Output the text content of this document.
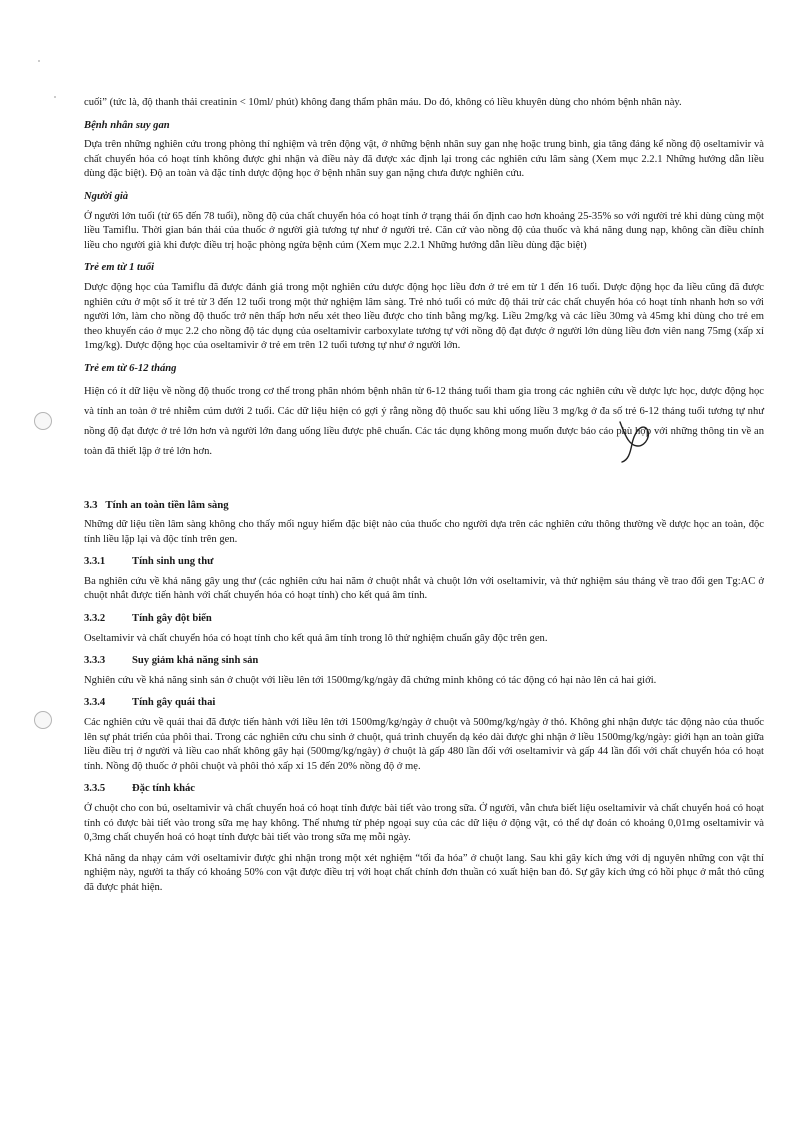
cuối” (tức là, độ thanh thải creatinin < 10ml/ phút) không đang thẩm phân máu. Do đó, không có liều khuyên dùng cho nhóm bệnh nhân này.

Bệnh nhân suy gan

Dựa trên những nghiên cứu trong phòng thí nghiệm và trên động vật, ở những bệnh nhân suy gan nhẹ hoặc trung bình, gia tăng đáng kể nồng độ oseltamivir và chất chuyển hóa có hoạt tính không được ghi nhận và điều này đã được xác định lại trong các nghiên cứu lâm sàng (Xem mục 2.2.1 Những hướng dẫn liều dùng đặc biệt). Độ an toàn và đặc tính dược động học ở bệnh nhân suy gan nặng chưa được nghiên cứu.

Người già

Ở người lớn tuổi (từ 65 đến 78 tuổi), nồng độ của chất chuyển hóa có hoạt tính ở trạng thái ổn định cao hơn khoảng 25-35% so với người trẻ khi dùng cùng một liều Tamiflu. Thời gian bán thải của thuốc ở người già tương tự như ở người trẻ. Căn cứ vào nồng độ của thuốc và khả năng dung nạp, không cần điều chỉnh liều cho người già khi được điều trị hoặc phòng ngừa bệnh cúm (Xem mục 2.2.1 Những hướng dẫn liều dùng đặc biệt)

Trẻ em từ 1 tuổi

Dược động học của Tamiflu đã được đánh giá trong một nghiên cứu dược động học liều đơn ở trẻ em từ 1 đến 16 tuổi. Dược động học đa liều cũng đã được nghiên cứu ở một số ít trẻ từ 3 đến 12 tuổi trong một thử nghiệm lâm sàng. Trẻ nhỏ tuổi có mức độ thải trừ các chất chuyển hóa có hoạt tính nhanh hơn so với người lớn, làm cho nồng độ thuốc trở nên thấp hơn nếu xét theo liều được cho tính bằng mg/kg. Liều 2mg/kg và các liều 30mg và 45mg khi dùng cho trẻ em theo khuyến cáo ở mục 2.2 cho nồng độ tác dụng của oseltamivir carboxylate tương tự với nồng độ đạt được ở người lớn dùng liều đơn viên nang 75mg (xấp xỉ 1mg/kg). Dược động học của oseltamivir ở trẻ em trên 12 tuổi tương tự như ở người lớn.

Trẻ em từ 6-12 tháng

Hiện có ít dữ liệu về nồng độ thuốc trong cơ thể trong phân nhóm bệnh nhân từ 6-12 tháng tuổi tham gia trong các nghiên cứu về dược lực học, dược động học và tính an toàn ở trẻ nhiễm cúm dưới 2 tuổi. Các dữ liệu hiện có gợi ý rằng nồng độ thuốc sau khi uống liều 3 mg/kg ở đa số trẻ 6-12 tháng tuổi tương tự như nồng độ đạt được ở trẻ lớn hơn và người lớn đang uống liều được phê chuẩn. Các tác dụng không mong muốn được báo cáo phù hợp với những thông tin về an toàn đã thiết lập ở trẻ lớn hơn.

3.3 Tính an toàn tiền lâm sàng

Những dữ liệu tiền lâm sàng không cho thấy mối nguy hiểm đặc biệt nào của thuốc cho người dựa trên các nghiên cứu thông thường về dược học an toàn, độc tính liều lặp lại và độc tính trên gen.

3.3.1	Tính sinh ung thư

Ba nghiên cứu về khả năng gây ung thư (các nghiên cứu hai năm ở chuột nhắt và chuột lớn với oseltamivir, và thử nghiệm sáu tháng về trao đổi gen Tg:AC ở chuột nhắt được tiến hành với chất chuyển hóa có hoạt tính) cho kết quả âm tính.

3.3.2	Tính gây đột biến

Oseltamivir và chất chuyển hóa có hoạt tính cho kết quả âm tính trong lô thử nghiệm chuẩn gây độc trên gen.

3.3.3	Suy giảm khả năng sinh sản

Nghiên cứu về khả năng sinh sản ở chuột với liều lên tới 1500mg/kg/ngày đã chứng minh không có tác động có hại nào lên cả hai giới.

3.3.4	Tính gây quái thai

Các nghiên cứu về quái thai đã được tiến hành với liều lên tới 1500mg/kg/ngày ở chuột và 500mg/kg/ngày ở thỏ. Không ghi nhận được tác động nào của thuốc lên sự phát triển của phôi thai. Trong các nghiên cứu chu sinh ở chuột, quá trình chuyển dạ kéo dài được ghi nhận ở liều 1500mg/kg/ngày: giới hạn an toàn giữa liều điều trị ở người và liều cao nhất không gây hại (500mg/kg/ngày) ở chuột là gấp 480 lần đối với oseltamivir và gấp 44 lần đối với chất chuyển hóa có hoạt tính. Nồng độ thuốc ở phôi chuột và phôi thỏ xấp xỉ 15 đến 20% nồng độ ở mẹ.

3.3.5	Đặc tính khác

Ở chuột cho con bú, oseltamivir và chất chuyển hoá có hoạt tính được bài tiết vào trong sữa. Ở người, vẫn chưa biết liệu oseltamivir và chất chuyển hoá có hoạt tính có được bài tiết vào trong sữa mẹ hay không. Thế nhưng từ phép ngoại suy của các dữ liệu ở động vật, có thể dự đoán có khoảng 0,01mg oseltamivir và 0,3mg chất chuyển hoá có hoạt tính được bài tiết vào trong sữa mẹ mỗi ngày.

Khả năng da nhạy cảm với oseltamivir được ghi nhận trong một xét nghiệm “tối đa hóa” ở chuột lang. Sau khi gây kích ứng với dị nguyên những con vật thí nghiệm này, người ta thấy có khoảng 50% con vật được điều trị với hoạt chất chính đơn thuần có xuất hiện ban đỏ. Sự gây kích ứng có hồi phục ở mắt thỏ cũng đã được phát hiện.
